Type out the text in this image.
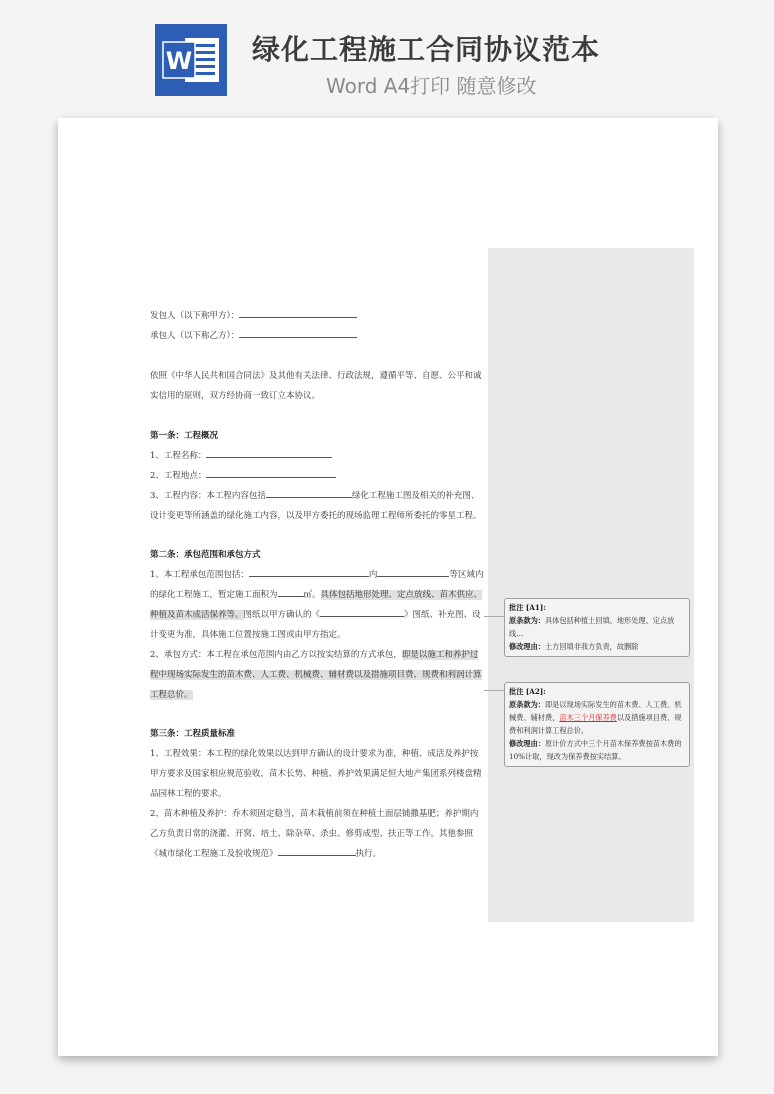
W 绿化工程施工合同协议范本

Word A4打印 随意修改

发包人（以下称甲方）：

承包人（以下称乙方）：

依照《中华人民共和国合同法》及其他有关法律、行政法规，遵循平等、自愿、公平和诚实信用的原则，双方经协商一致订立本协议。

第一条：工程概况

1、工程名称：

2、工程地点：

3、工程内容：本工程内容包括	绿化工程施工图及相关的补充图、设计变更等所涵盖的绿化施工内容，以及甲方委托的现场监理工程师所委托的零星工程。

第二条：承包范围和承包方式

1、本工程承包范围包括：	内	等区域内的绿化工程施工，暂定施工面积为	㎡。具体包括地形处理、定点放线、苗木供应、种植及苗木成活保养等。图纸以甲方确认的《	》图纸、补充图、设计变更为准，具体施工位置按施工图或由甲方指定。

2、承包方式：本工程在承包范围内由乙方以按实结算的方式承包，即是以施工和养护过程中现场实际发生的苗木费、人工费、机械费、辅材费以及措施项目费、规费和利润计算工程总价。

第三条：工程质量标准

1、工程效果：本工程的绿化效果以达到甲方确认的设计要求为准，种植、成活及养护按甲方要求及国家相应规范验收，苗木长势、种植、养护效果满足恒大地产集团系列楼盘精品园林工程的要求。

2、苗木种植及养护：乔木须固定稳当，苗木栽植前须在种植土面层铺撒基肥；养护期内乙方负责日常的浇灌、开窝、培土、除杂草、杀虫、修剪成型、扶正等工作。其他参照《城市绿化工程施工及验收规范》	执行。

批注 [A1]:
原条款为：具体包括种植土回填、地形处理、定点放线…
修改理由：土方回填非我方负责，故删除
批注 [A2]:
原条款为：即是以现场实际发生的苗木费、人工费、机械费、辅材费，苗木三个月保养费以及措施项目费、规费和利润计算工程总价。
修改理由：原计价方式中三个月苗木保养费按苗木费的10%计取，现改为保养费按实结算。
